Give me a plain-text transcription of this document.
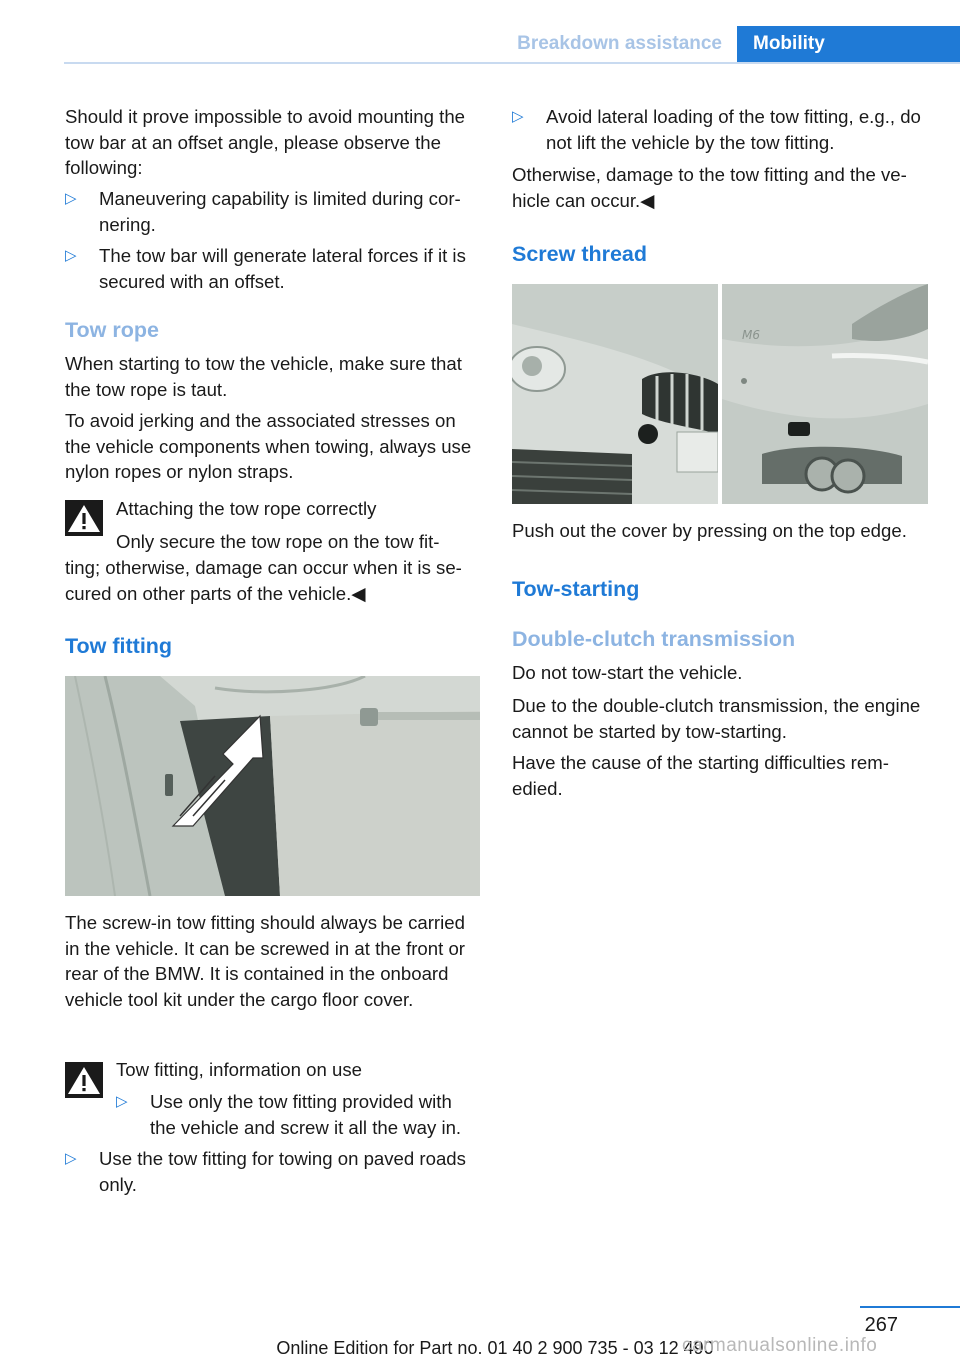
Breakdown assistance	Mobility

Should it prove impossible to avoid mounting the tow bar at an offset angle, please observe the following:

▷ Maneuvering capability is limited during cornering.
▷ The tow bar will generate lateral forces if it is secured with an offset.
Tow rope

When starting to tow the vehicle, make sure that the tow rope is taut.

To avoid jerking and the associated stresses on the vehicle components when towing, always use nylon ropes or nylon straps.

Attaching the tow rope correctly
Only secure the tow rope on the tow fit-
ting; otherwise, damage can occur when it is secured on other parts of the vehicle.◀
Tow fitting

The screw-in tow fitting should always be carried in the vehicle. It can be screwed in at the front or rear of the BMW. It is contained in the onboard vehicle tool kit under the cargo floor cover.

Tow fitting, information on use
▷ Use only the tow fitting provided with the vehicle and screw it all the way in.
▷ Use the tow fitting for towing on paved roads only.
▷ Avoid lateral loading of the tow fitting, e.g., do not lift the vehicle by the tow fitting.

Otherwise, damage to the tow fitting and the vehicle can occur.◀

Screw thread
M6

Push out the cover by pressing on the top edge.

Tow-starting
Double-clutch transmission

Do not tow-start the vehicle.

Due to the double-clutch transmission, the engine cannot be started by tow-starting.

Have the cause of the starting difficulties remedied.

267
Online Edition for Part no. 01 40 2 900 735 - 03 12 490
carmanualsonline.info
